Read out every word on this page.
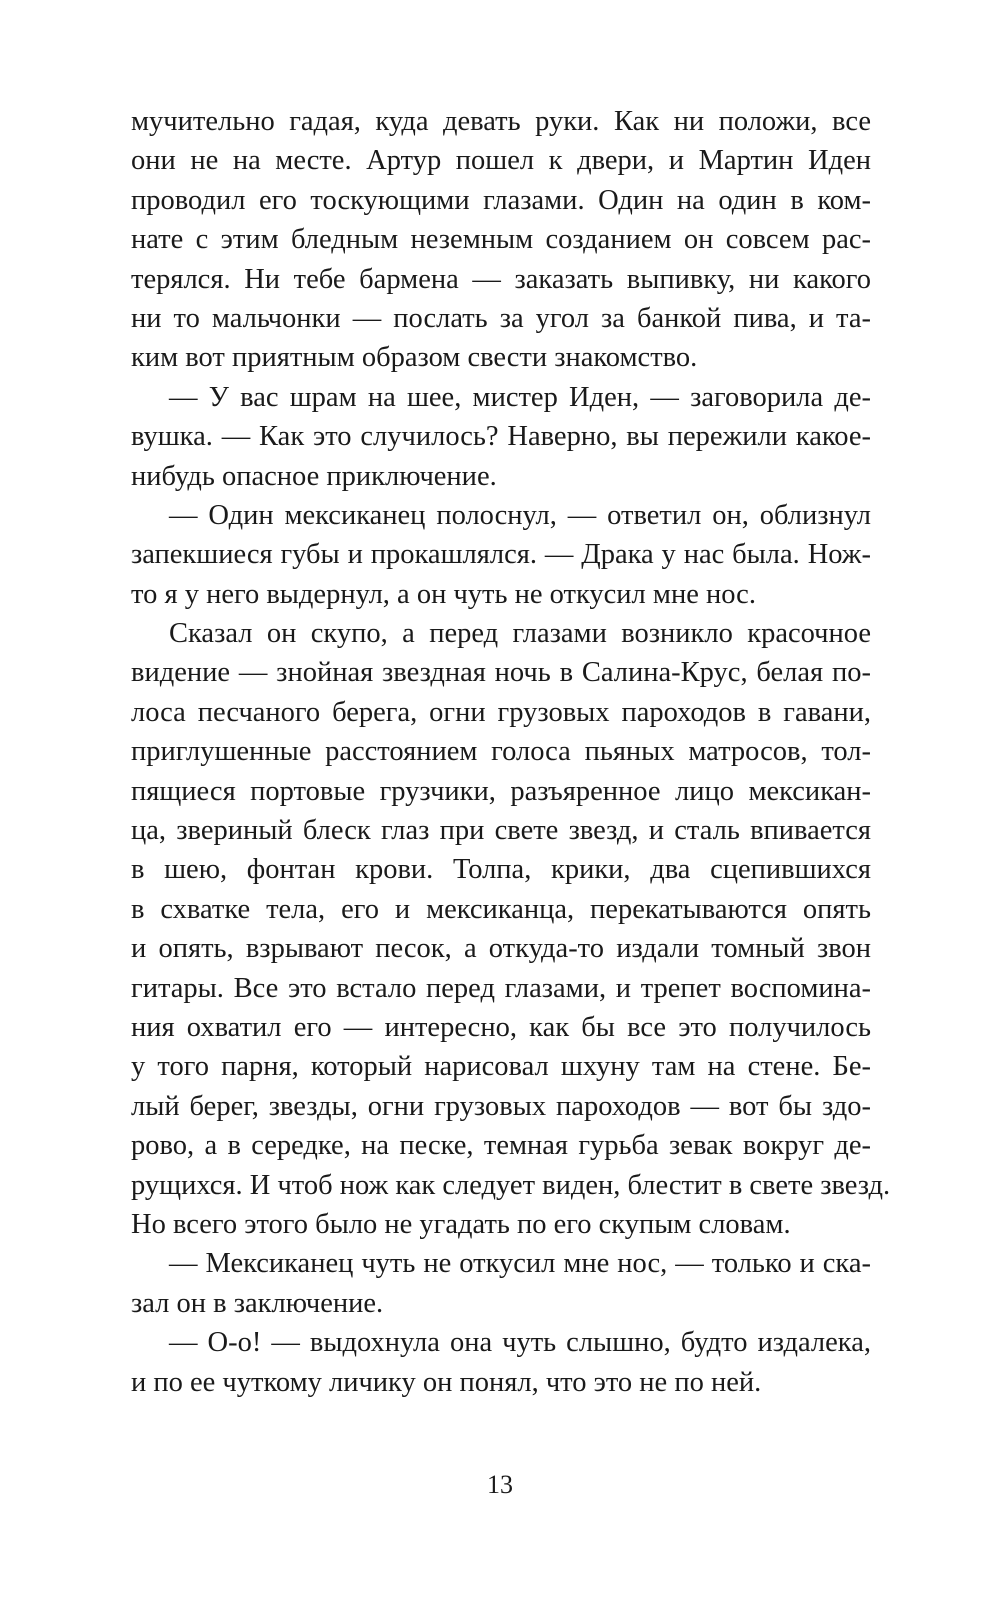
мучительно гадая, куда девать руки. Как ни положи, все
они не на месте. Артур пошел к двери, и Мартин Иден
проводил его тоскующими глазами. Один на один в ком-
нате с этим бледным неземным созданием он совсем рас-
терялся. Ни тебе бармена — заказать выпивку, ни какого
ни то мальчонки — послать за угол за банкой пива, и та-
ким вот приятным образом свести знакомство.
— У вас шрам на шее, мистер Иден, — заговорила де-
вушка. — Как это случилось? Наверно, вы пережили какое-
нибудь опасное приключение.
— Один мексиканец полоснул, — ответил он, облизнул
запекшиеся губы и прокашлялся. — Драка у нас была. Нож-
то я у него выдернул, а он чуть не откусил мне нос.
Сказал он скупо, а перед глазами возникло красочное
видение — знойная звездная ночь в Салина-Крус, белая по-
лоса песчаного берега, огни грузовых пароходов в гавани,
приглушенные расстоянием голоса пьяных матросов, тол-
пящиеся портовые грузчики, разъяренное лицо мексикан-
ца, звериный блеск глаз при свете звезд, и сталь впивается
в шею, фонтан крови. Толпа, крики, два сцепившихся
в схватке тела, его и мексиканца, перекатываются опять
и опять, взрывают песок, а откуда-то издали томный звон
гитары. Все это встало перед глазами, и трепет воспомина-
ния охватил его — интересно, как бы все это получилось
у того парня, который нарисовал шхуну там на стене. Бе-
лый берег, звезды, огни грузовых пароходов — вот бы здо-
рово, а в середке, на песке, темная гурьба зевак вокруг де-
рущихся. И чтоб нож как следует виден, блестит в свете звезд.
Но всего этого было не угадать по его скупым словам.
— Мексиканец чуть не откусил мне нос, — только и ска-
зал он в заключение.
— О-о! — выдохнула она чуть слышно, будто издалека,
и по ее чуткому личику он понял, что это не по ней.
13
